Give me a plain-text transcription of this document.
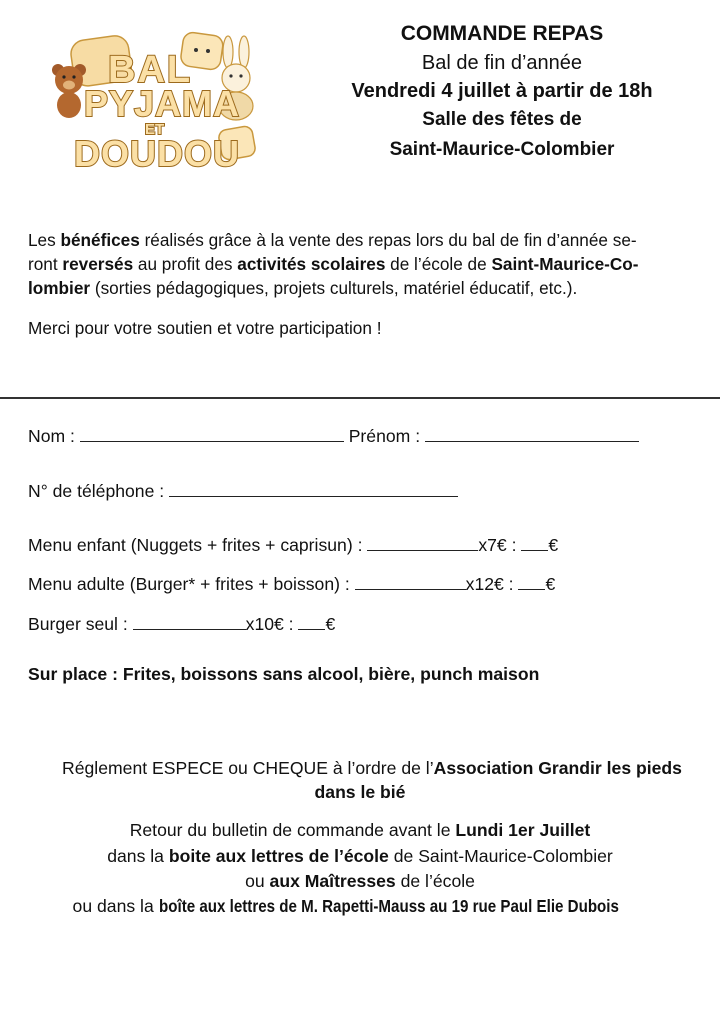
BAL
PYJAMA
ET
DOUDOU
COMMANDE REPAS
Bal de fin d’année
Vendredi 4 juillet à partir de 18h
Salle des fêtes de
Saint-Maurice-Colombier
Les bénéfices réalisés grâce à la vente des repas lors du bal de fin d’année se-
ront reversés au profit des activités scolaires de l’école de Saint-Maurice-Co-
lombier (sorties pédagogiques, projets culturels, matériel éducatif, etc.).
Merci pour votre soutien et votre participation !
Nom :	Prénom :
N° de téléphone :
Menu enfant (Nuggets + frites + caprisun) :	x7€ : €
Menu adulte (Burger* + frites + boisson) :	x12€ : €
Burger seul :	x10€ : €
Sur place : Frites, boissons sans alcool, bière, punch maison
Réglement ESPECE ou CHEQUE à l’ordre de l’Association Grandir les pieds
dans le bié
Retour du bulletin de commande avant le Lundi 1er Juillet
dans la boite aux lettres de l’école de Saint-Maurice-Colombier
ou aux Maîtresses de l’école
ou dans la boîte aux lettres de M. Rapetti-Mauss au 19 rue Paul Elie Dubois
